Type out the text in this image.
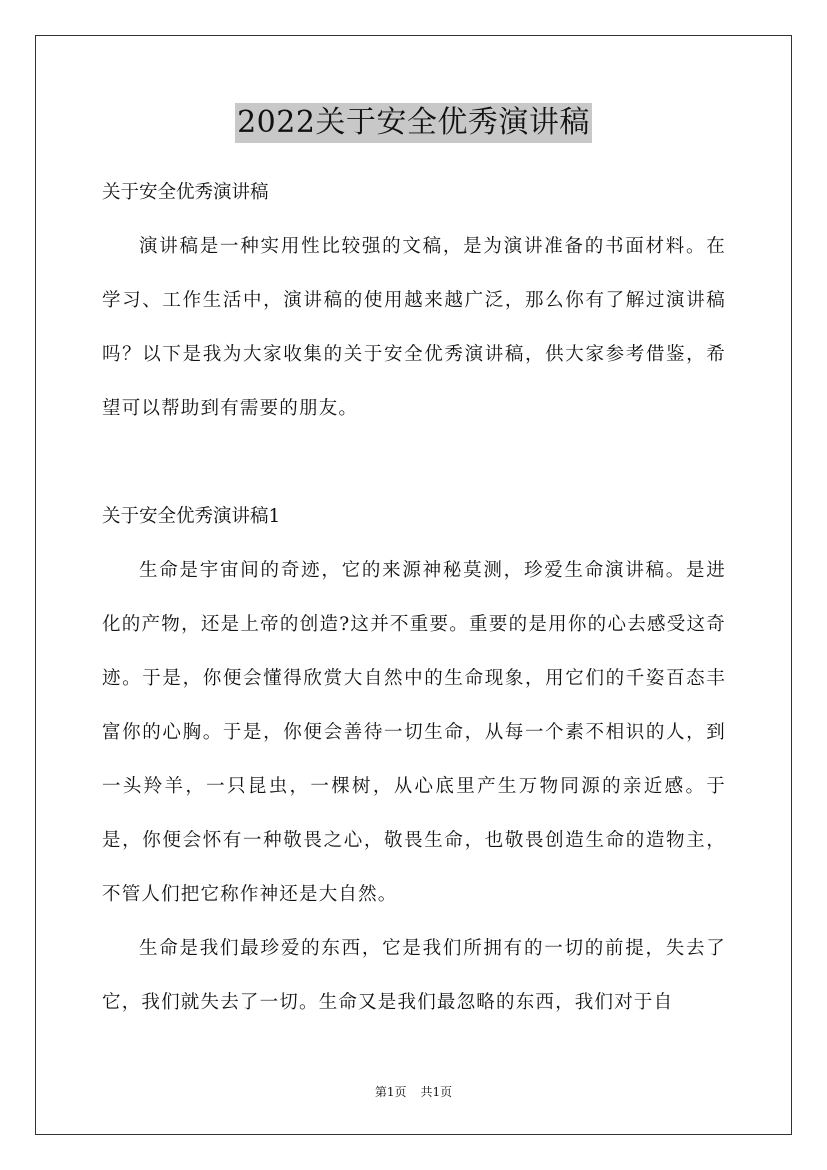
2022关于安全优秀演讲稿

关于安全优秀演讲稿

演讲稿是一种实用性比较强的文稿，是为演讲准备的书面材料。在学习、工作生活中，演讲稿的使用越来越广泛，那么你有了解过演讲稿吗？以下是我为大家收集的关于安全优秀演讲稿，供大家参考借鉴，希望可以帮助到有需要的朋友。

关于安全优秀演讲稿1

生命是宇宙间的奇迹，它的来源神秘莫测，珍爱生命演讲稿。是进化的产物，还是上帝的创造?这并不重要。重要的是用你的心去感受这奇迹。于是，你便会懂得欣赏大自然中的生命现象，用它们的千姿百态丰富你的心胸。于是，你便会善待一切生命，从每一个素不相识的人，到一头羚羊，一只昆虫，一棵树，从心底里产生万物同源的亲近感。于是，你便会怀有一种敬畏之心，敬畏生命，也敬畏创造生命的造物主，不管人们把它称作神还是大自然。

生命是我们最珍爱的东西，它是我们所拥有的一切的前提，失去了它，我们就失去了一切。生命又是我们最忽略的东西，我们对于自

第1页 共1页
